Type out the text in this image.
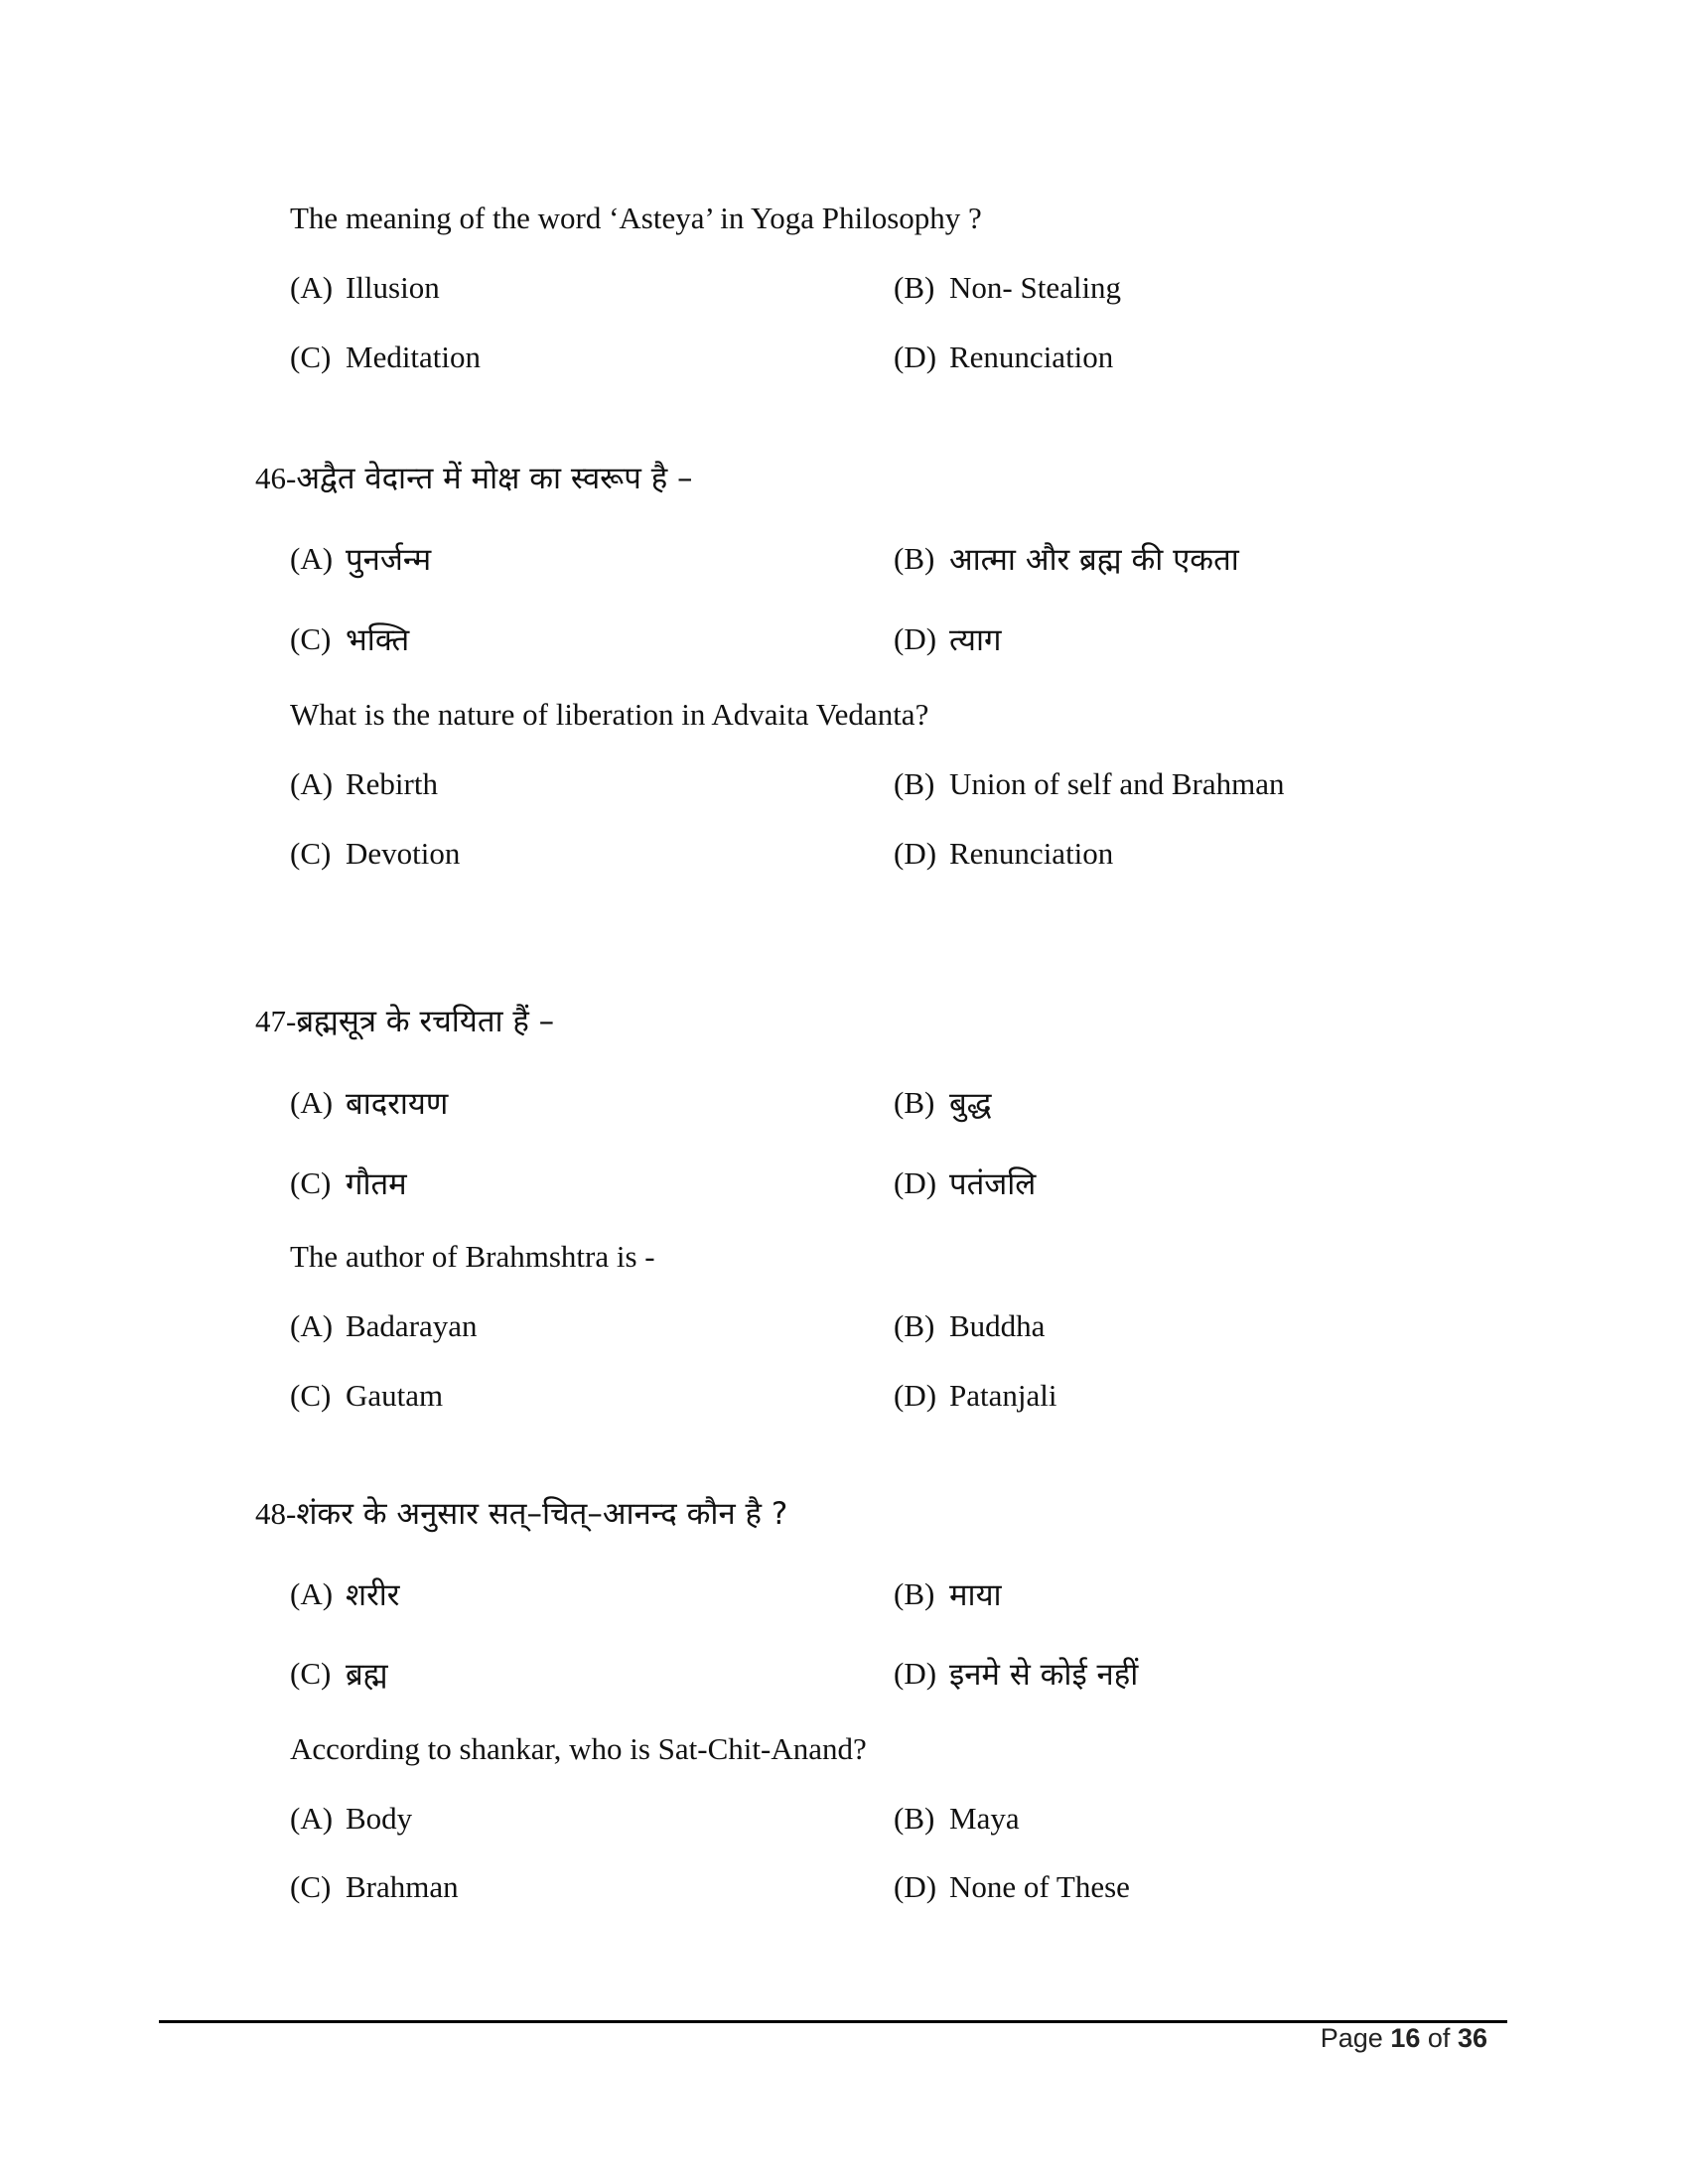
The meaning of the word ‘Asteya’ in Yoga Philosophy ?
(A) Illusion	(B) Non- Stealing
(C) Meditation	(D) Renunciation
46-अद्वैत वेदान्त में मोक्ष का स्वरूप है –
(A) पुनर्जन्म	(B) आत्मा और ब्रह्म की एकता
(C) भक्ति	(D) त्याग
What is the nature of liberation in Advaita Vedanta?
(A) Rebirth	(B) Union of self and Brahman
(C) Devotion	(D) Renunciation
47-ब्रह्मसूत्र के रचयिता हैं –
(A) बादरायण	(B) बुद्ध
(C) गौतम	(D) पतंजलि
The author of Brahmshtra is -
(A) Badarayan	(B) Buddha
(C) Gautam	(D) Patanjali
48-शंकर के अनुसार सत्–चित्–आनन्द कौन है ?
(A) शरीर	(B) माया
(C) ब्रह्म	(D) इनमे से कोई नहीं
According to shankar, who is Sat-Chit-Anand?
(A) Body	(B) Maya
(C) Brahman	(D) None of These
Page 16 of 36
